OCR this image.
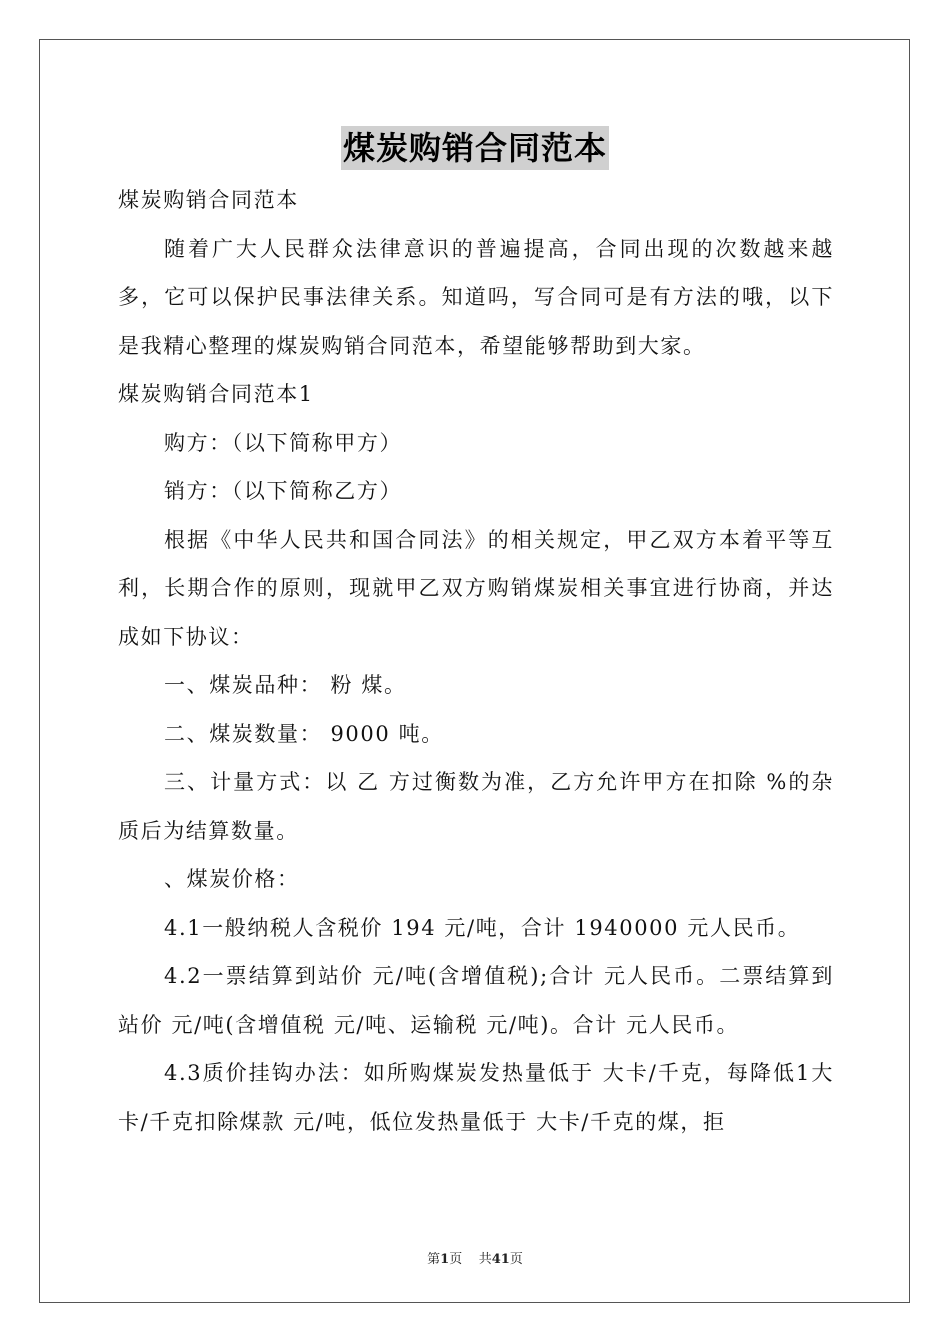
煤炭购销合同范本

煤炭购销合同范本

随着广大人民群众法律意识的普遍提高，合同出现的次数越来越多，它可以保护民事法律关系。知道吗，写合同可是有方法的哦，以下是我精心整理的煤炭购销合同范本，希望能够帮助到大家。

煤炭购销合同范本1

购方：（以下简称甲方）

销方：（以下简称乙方）

根据《中华人民共和国合同法》的相关规定，甲乙双方本着平等互利，长期合作的原则，现就甲乙双方购销煤炭相关事宜进行协商，并达成如下协议：

一、煤炭品种： 粉 煤。

二、煤炭数量： 9000 吨。

三、计量方式：以 乙 方过衡数为准，乙方允许甲方在扣除 %的杂质后为结算数量。

、煤炭价格：

4.1一般纳税人含税价 194 元/吨，合计 1940000 元人民币。

4.2一票结算到站价 元/吨(含增值税);合计 元人民币。二票结算到站价 元/吨(含增值税 元/吨、运输税 元/吨)。合计 元人民币。

4.3质价挂钩办法：如所购煤炭发热量低于 大卡/千克，每降低1大卡/千克扣除煤款 元/吨，低位发热量低于 大卡/千克的煤，拒

第1页 共41页
